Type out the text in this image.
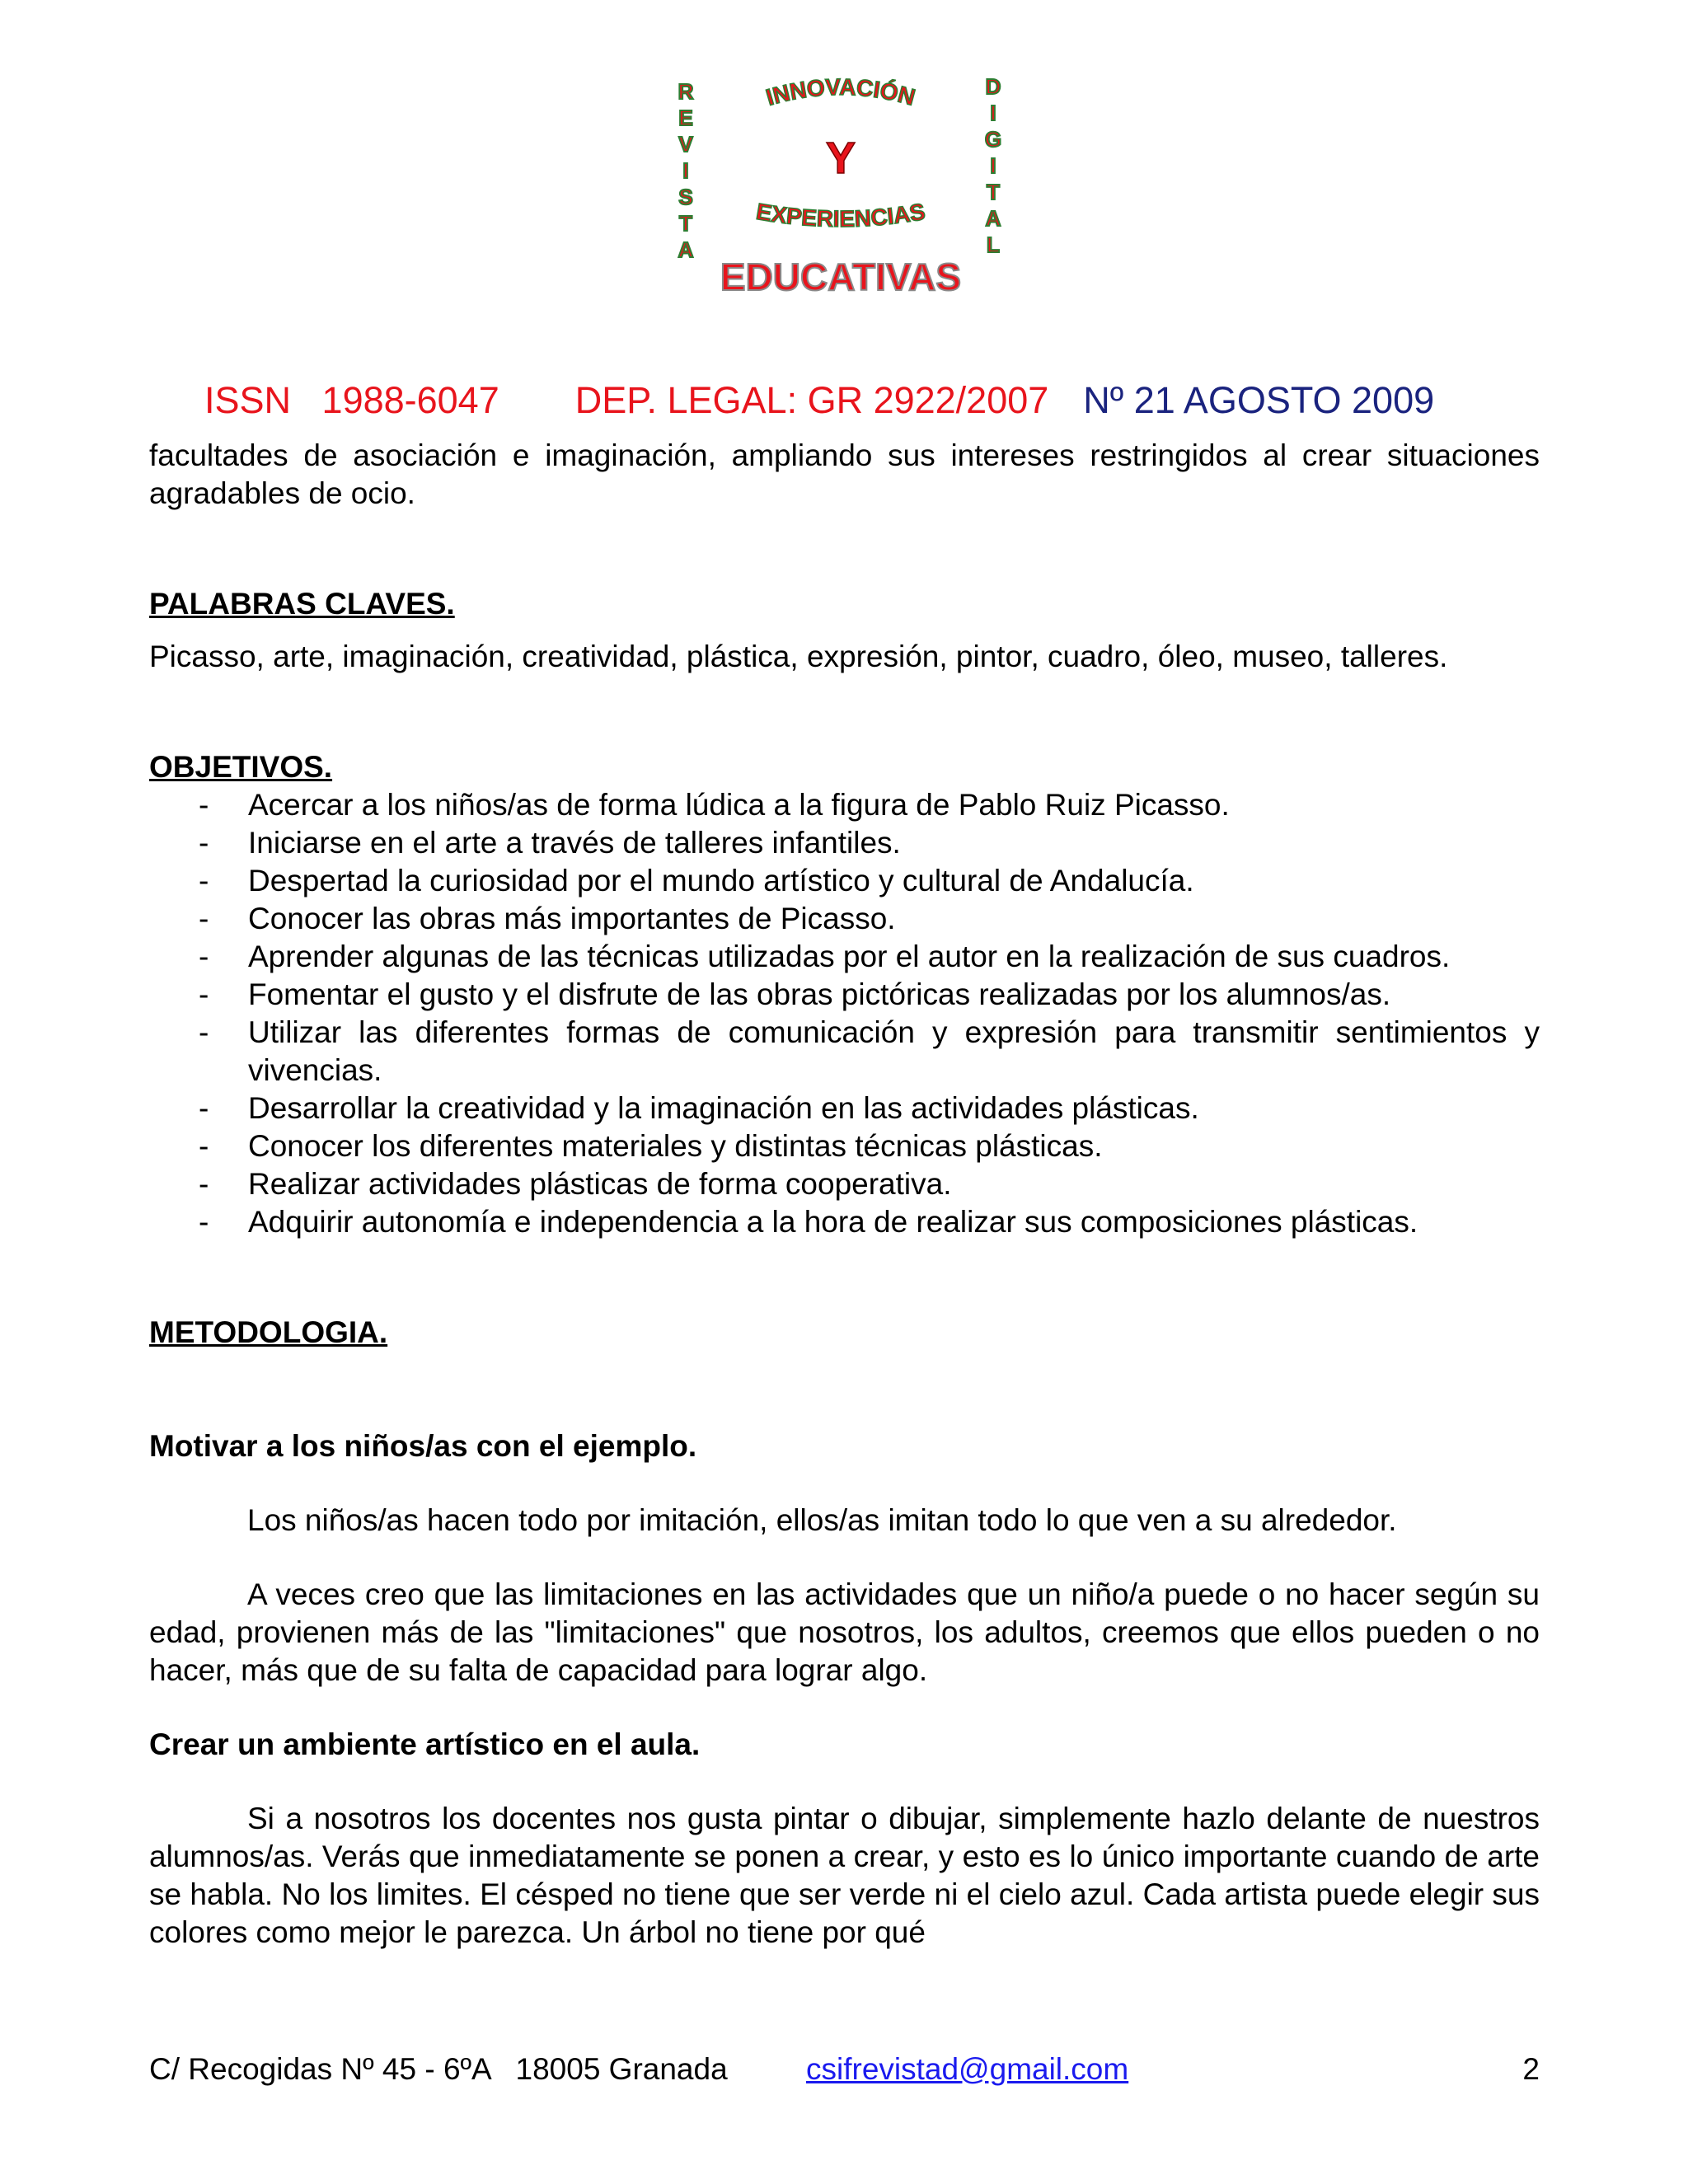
R
E
V
I
S
T
A
D
I
G
I
T
A
L
INNOVACIÓN
Y
EXPERIENCIAS
EDUCATIVAS
ISSN   1988-6047 DEP. LEGAL: GR 2922/2007 Nº 21 AGOSTO 2009

facultades de asociación e imaginación, ampliando sus intereses restringidos al crear situaciones agradables de ocio.

PALABRAS CLAVES.

Picasso, arte, imaginación, creatividad, plástica, expresión, pintor, cuadro, óleo, museo, talleres.

OBJETIVOS.

- Acercar a los niños/as de forma lúdica a la figura de Pablo Ruiz Picasso.
- Iniciarse en el arte a través de talleres infantiles.
- Despertad la curiosidad por el mundo artístico y cultural de Andalucía.
- Conocer las obras más importantes de Picasso.
- Aprender algunas de las técnicas utilizadas por el autor en la realización de sus cuadros.
- Fomentar el gusto y el disfrute de las obras pictóricas realizadas por los alumnos/as.
- Utilizar las diferentes formas de comunicación y expresión para transmitir sentimientos y vivencias.
- Desarrollar la creatividad y la imaginación en las actividades plásticas.
- Conocer los diferentes materiales y distintas técnicas plásticas.
- Realizar actividades plásticas de forma cooperativa.
- Adquirir autonomía e independencia a la hora de realizar sus composiciones plásticas.

METODOLOGIA.

Motivar a los niños/as con el ejemplo.

Los niños/as hacen todo por imitación, ellos/as imitan todo lo que ven a su alrededor.

A veces creo que las limitaciones en las actividades que un niño/a puede o no hacer según su edad, provienen más de las "limitaciones" que nosotros, los adultos, creemos que ellos pueden o no hacer, más que de su falta de capacidad para lograr algo.

Crear un ambiente artístico en el aula.

Si a nosotros los docentes nos gusta pintar o dibujar, simplemente hazlo delante de nuestros alumnos/as. Verás que inmediatamente se ponen a crear, y esto es lo único importante cuando de arte se habla. No los limites. El césped no tiene que ser verde ni el cielo azul. Cada artista puede elegir sus colores como mejor le parezca. Un árbol no tiene por qué

C/ Recogidas Nº 45 - 6ºA   18005 Granada	csifrevistad@gmail.com	2
